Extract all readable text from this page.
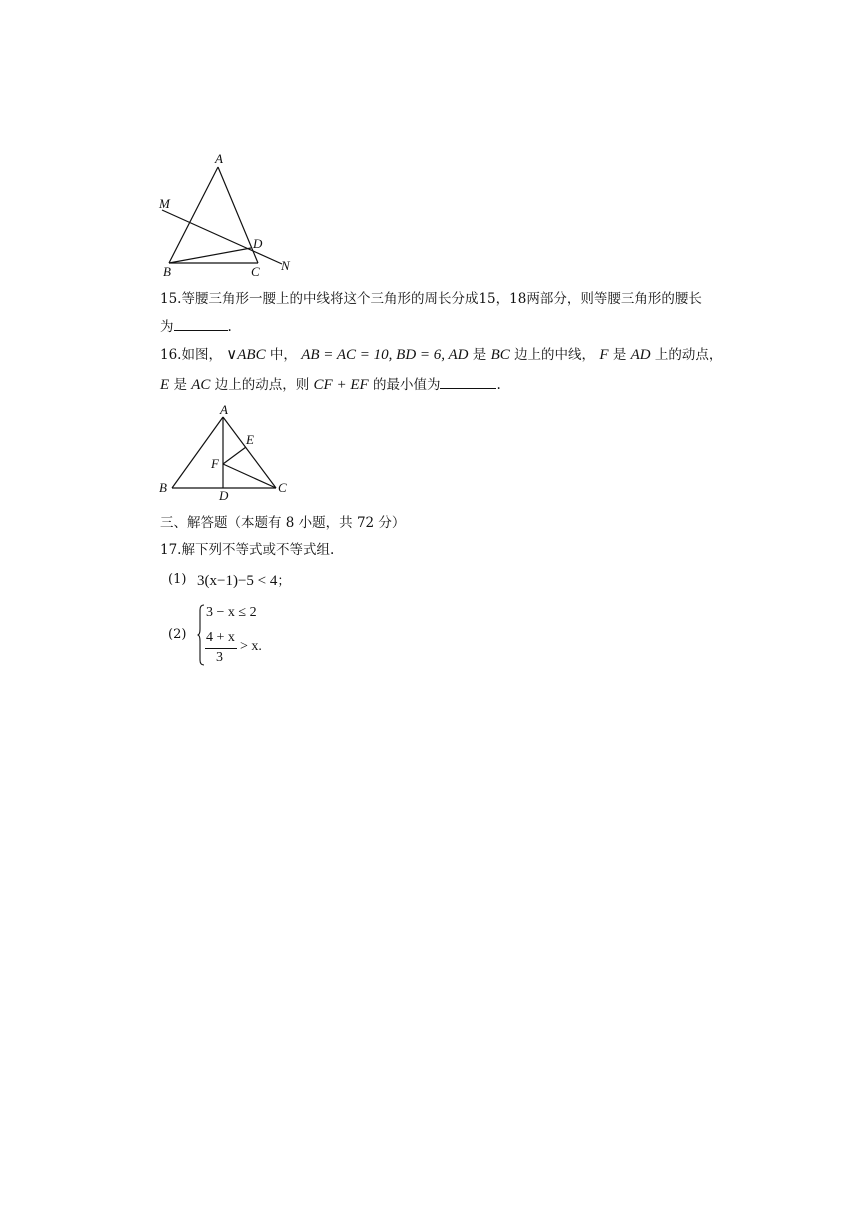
A
M
D
B	C N
15.等腰三角形一腰上的中线将这个三角形的周长分成15，18两部分，则等腰三角形的腰长
为	.
16.如图， ∨ABC 中， AB = AC = 10, BD = 6, AD 是 BC 边上的中线， F 是 AD 上的动点，
E 是 AC 边上的动点，则 CF + EF 的最小值为	.
A
E
F
B
D
C
三、解答题（本题有 8 小题，共 72 分）
17.解下列不等式或不等式组.
(1) 3(x−1)−5 < 4；
(2)
3 − x ≤ 2
4 + x
3
> x.
